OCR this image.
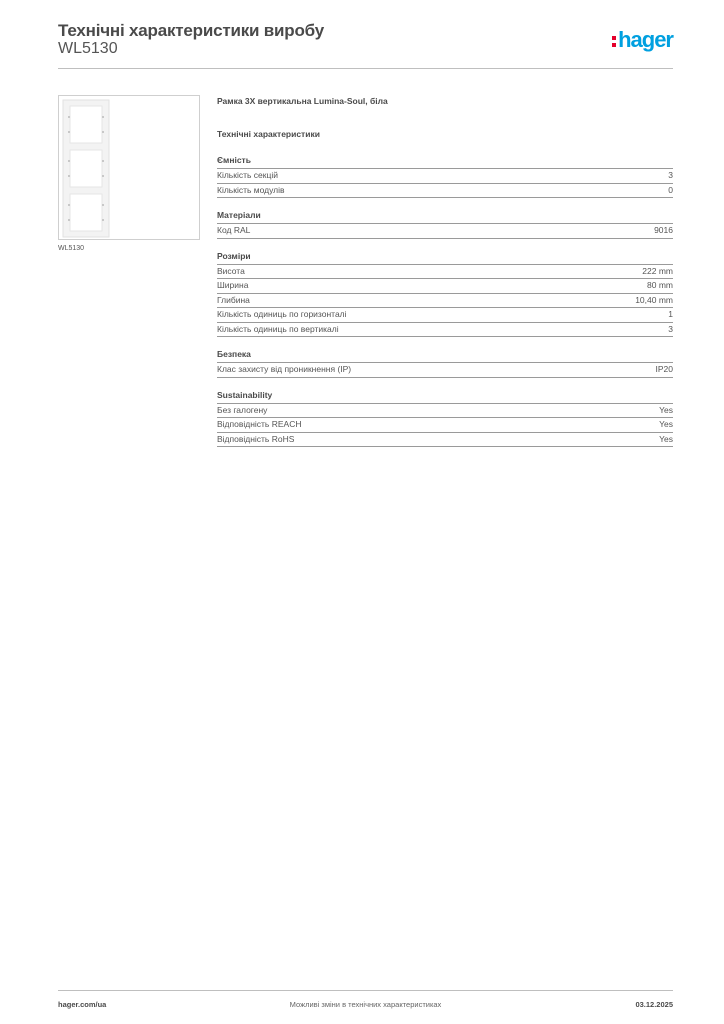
Технічні характеристики виробу
WL5130	hager
WL5130
Рамка 3X вертикальна Lumina-Soul, біла
Технічні характеристики
Ємність
Кількість секцій	3
Кількість модулів	0
Матеріали
Код RAL	9016
Розміри
Висота	222 mm
Ширина	80 mm
Глибина	10,40 mm
Кількість одиниць по горизонталі	1
Кількість одиниць по вертикалі	3
Безпека
Клас захисту від проникнення (IP)	IP20
Sustainability
Без галогену	Yes
Відповідність REACH	Yes
Відповідність RoHS	Yes
hager.com/ua	Можливі зміни в технічних характеристиках	03.12.2025
